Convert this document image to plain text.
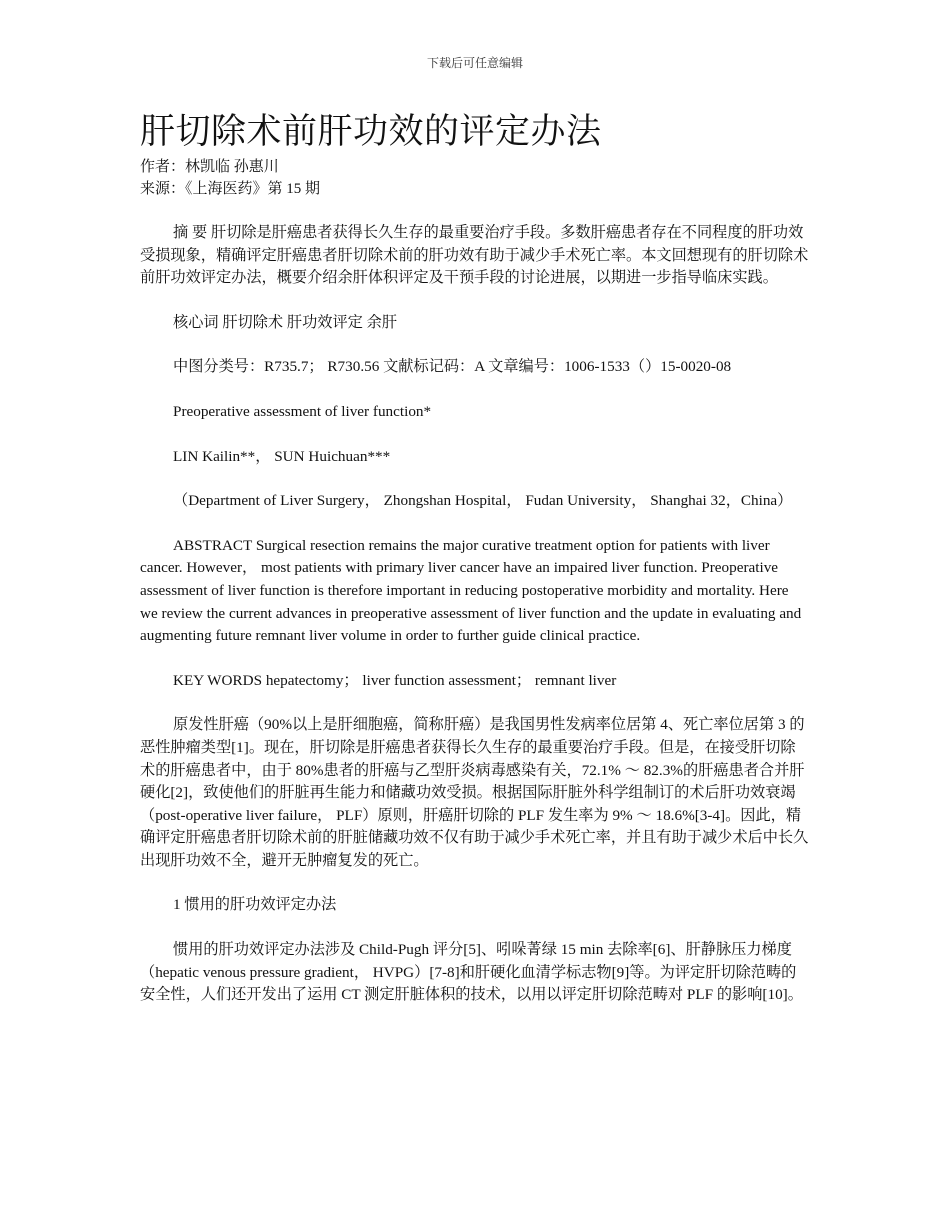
下载后可任意编辑
肝切除术前肝功效的评定办法
作者：林凯临 孙惠川
来源：《上海医药》第 15 期

摘 要 肝切除是肝癌患者获得长久生存的最重要治疗手段。多数肝癌患者存在不同程度的肝功效受损现象，精确评定肝癌患者肝切除术前的肝功效有助于减少手术死亡率。本文回想现有的肝切除术前肝功效评定办法，概要介绍余肝体积评定及干预手段的讨论进展，以期进一步指导临床实践。

核心词 肝切除术 肝功效评定 余肝

中图分类号：R735.7； R730.56 文献标记码：A 文章编号：1006-1533（）15-0020-08

Preoperative assessment of liver function*

LIN Kailin**， SUN Huichuan***

（Department of Liver Surgery， Zhongshan Hospital， Fudan University， Shanghai 32，China）

ABSTRACT Surgical resection remains the major curative treatment option for patients with liver cancer. However， most patients with primary liver cancer have an impaired liver function. Preoperative assessment of liver function is therefore important in reducing postoperative morbidity and mortality. Here we review the current advances in preoperative assessment of liver function and the update in evaluating and augmenting future remnant liver volume in order to further guide clinical practice.

KEY WORDS hepatectomy； liver function assessment； remnant liver

原发性肝癌（90%以上是肝细胞癌，简称肝癌）是我国男性发病率位居第 4、死亡率位居第 3 的恶性肿瘤类型[1]。现在，肝切除是肝癌患者获得长久生存的最重要治疗手段。但是，在接受肝切除术的肝癌患者中，由于 80%患者的肝癌与乙型肝炎病毒感染有关，72.1% ～ 82.3%的肝癌患者合并肝硬化[2]，致使他们的肝脏再生能力和储藏功效受损。根据国际肝脏外科学组制订的术后肝功效衰竭（post-operative liver failure， PLF）原则，肝癌肝切除的 PLF 发生率为 9% ～ 18.6%[3-4]。因此，精确评定肝癌患者肝切除术前的肝脏储藏功效不仅有助于减少手术死亡率，并且有助于减少术后中长久出现肝功效不全，避开无肿瘤复发的死亡。

1 惯用的肝功效评定办法

惯用的肝功效评定办法涉及 Child-Pugh 评分[5]、吲哚菁绿 15 min 去除率[6]、肝静脉压力梯度（hepatic venous pressure gradient， HVPG）[7-8]和肝硬化血清学标志物[9]等。为评定肝切除范畴的安全性，人们还开发出了运用 CT 测定肝脏体积的技术，以用以评定肝切除范畴对 PLF 的影响[10]。
